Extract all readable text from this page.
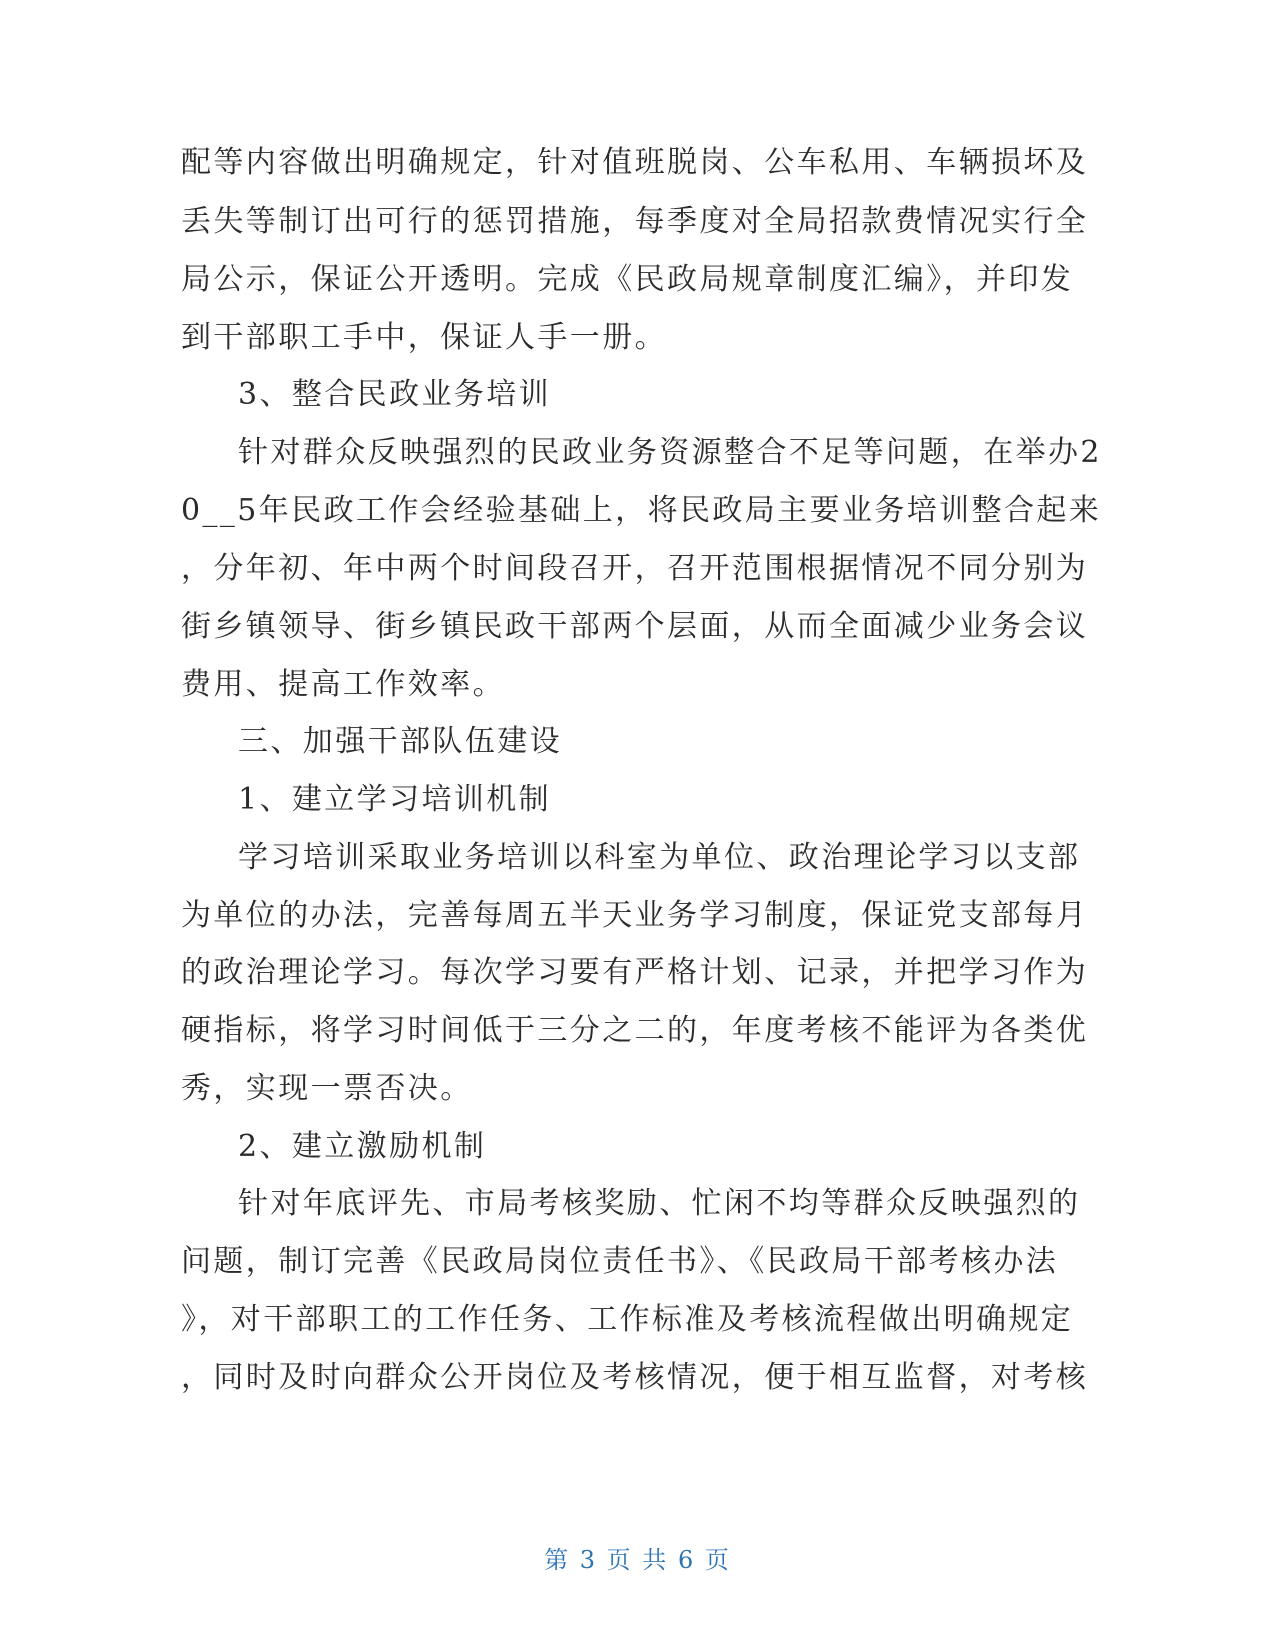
配等内容做出明确规定，针对值班脱岗、公车私用、车辆损坏及
丢失等制订出可行的惩罚措施，每季度对全局招款费情况实行全
局公示，保证公开透明。完成《民政局规章制度汇编》，并印发
到干部职工手中，保证人手一册。
3、整合民政业务培训
针对群众反映强烈的民政业务资源整合不足等问题，在举办2
0__5年民政工作会经验基础上，将民政局主要业务培训整合起来
，分年初、年中两个时间段召开，召开范围根据情况不同分别为
街乡镇领导、街乡镇民政干部两个层面，从而全面减少业务会议
费用、提高工作效率。
三、加强干部队伍建设
1、建立学习培训机制
学习培训采取业务培训以科室为单位、政治理论学习以支部
为单位的办法，完善每周五半天业务学习制度，保证党支部每月
的政治理论学习。每次学习要有严格计划、记录，并把学习作为
硬指标，将学习时间低于三分之二的，年度考核不能评为各类优
秀，实现一票否决。
2、建立激励机制
针对年底评先、市局考核奖励、忙闲不均等群众反映强烈的
问题，制订完善《民政局岗位责任书》、《民政局干部考核办法
》，对干部职工的工作任务、工作标准及考核流程做出明确规定
，同时及时向群众公开岗位及考核情况，便于相互监督，对考核
第 3 页 共 6 页
